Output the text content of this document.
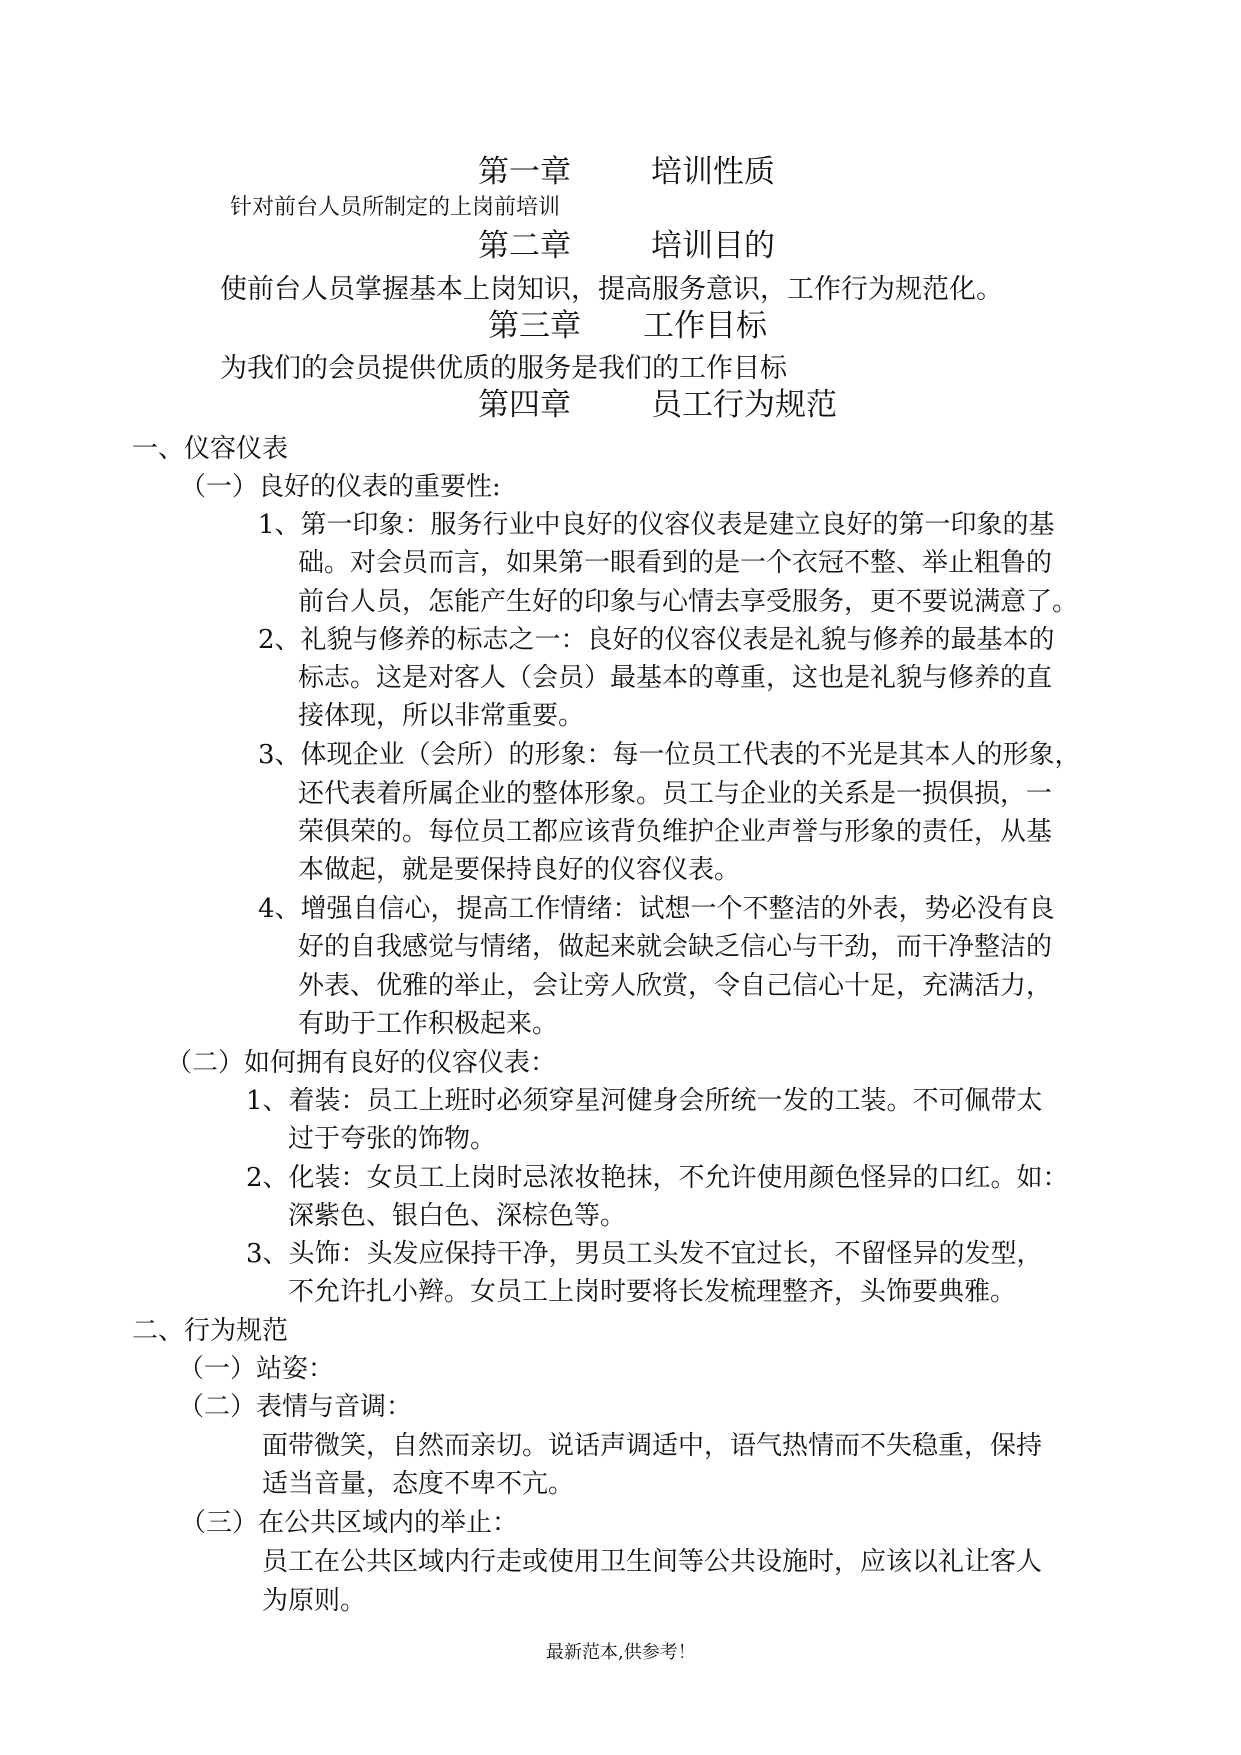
第一章	培训性质
针对前台人员所制定的上岗前培训
第二章	培训目的
使前台人员掌握基本上岗知识，提高服务意识，工作行为规范化。
第三章 工作目标
为我们的会员提供优质的服务是我们的工作目标
第四章	员工行为规范
一、仪容仪表
（一）良好的仪表的重要性:
1、第一印象：服务行业中良好的仪容仪表是建立良好的第一印象的基
础。对会员而言，如果第一眼看到的是一个衣冠不整、举止粗鲁的
前台人员，怎能产生好的印象与心情去享受服务，更不要说满意了。
2、礼貌与修养的标志之一：良好的仪容仪表是礼貌与修养的最基本的
标志。这是对客人（会员）最基本的尊重，这也是礼貌与修养的直
接体现，所以非常重要。
3、体现企业（会所）的形象：每一位员工代表的不光是其本人的形象，
还代表着所属企业的整体形象。员工与企业的关系是一损俱损，一
荣俱荣的。每位员工都应该背负维护企业声誉与形象的责任，从基
本做起，就是要保持良好的仪容仪表。
4、增强自信心，提高工作情绪：试想一个不整洁的外表，势必没有良
好的自我感觉与情绪，做起来就会缺乏信心与干劲，而干净整洁的
外表、优雅的举止，会让旁人欣赏，令自己信心十足，充满活力，
有助于工作积极起来。
（二）如何拥有良好的仪容仪表：
1、着装：员工上班时必须穿星河健身会所统一发的工装。不可佩带太
过于夸张的饰物。
2、化装：女员工上岗时忌浓妆艳抹，不允许使用颜色怪异的口红。如：
深紫色、银白色、深棕色等。
3、头饰：头发应保持干净，男员工头发不宜过长，不留怪异的发型，
不允许扎小辫。女员工上岗时要将长发梳理整齐，头饰要典雅。
二、行为规范
（一）站姿：
（二）表情与音调：
面带微笑，自然而亲切。说话声调适中，语气热情而不失稳重，保持
适当音量，态度不卑不亢。
（三）在公共区域内的举止：
员工在公共区域内行走或使用卫生间等公共设施时，应该以礼让客人
为原则。
最新范本,供参考！
